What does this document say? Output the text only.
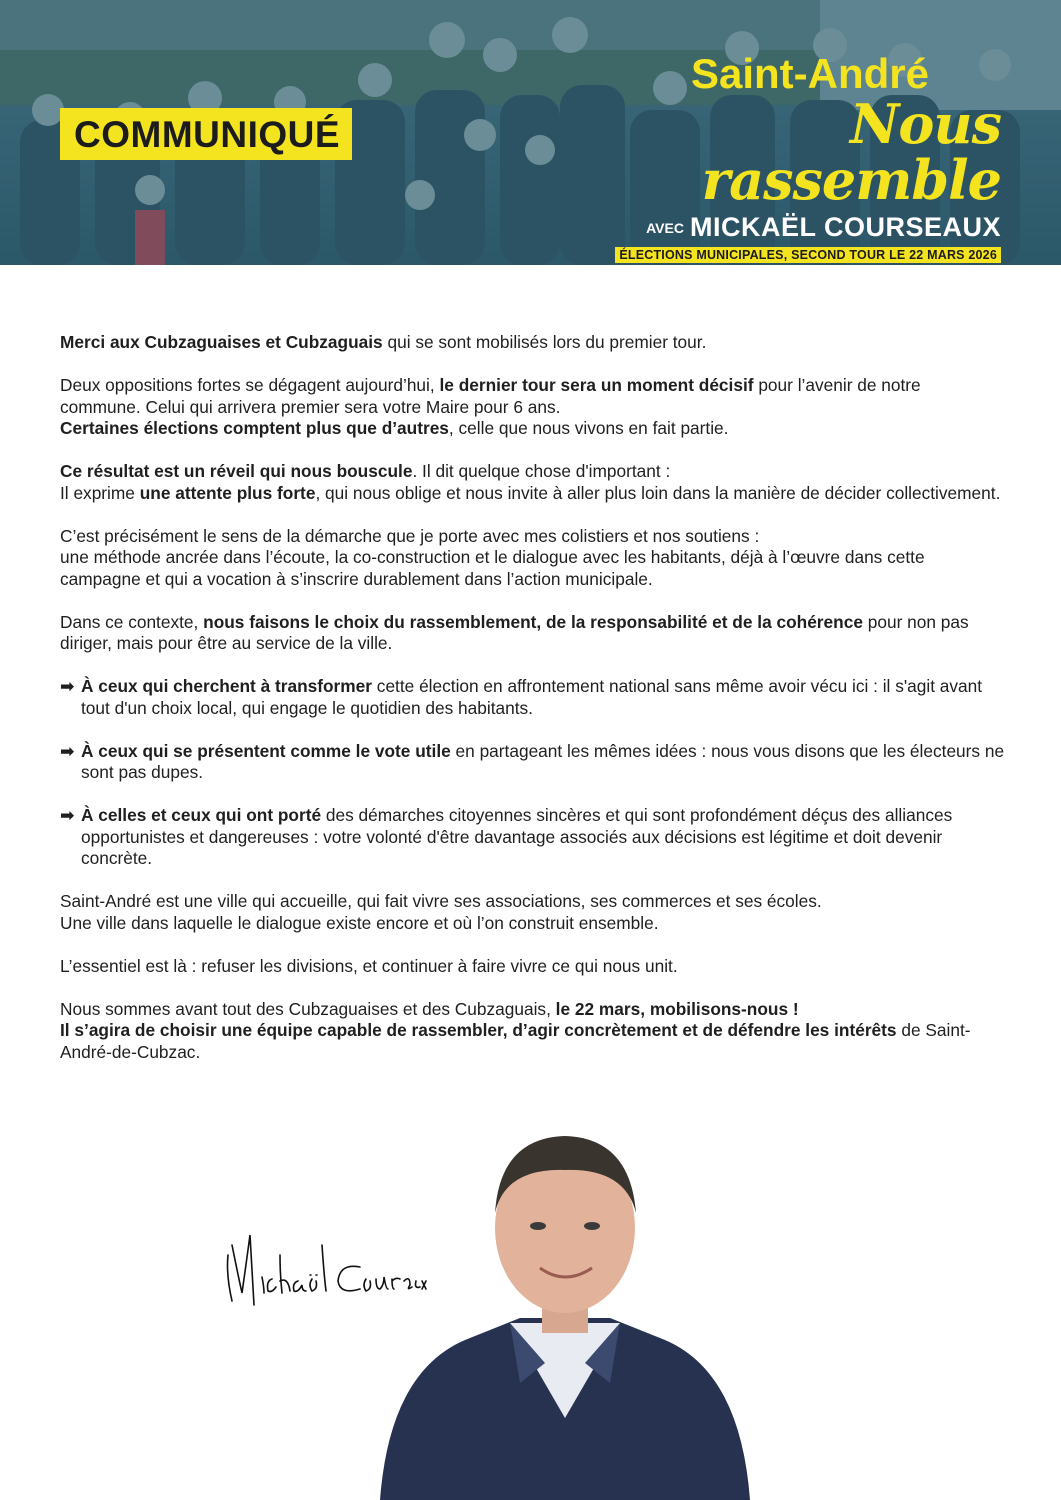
COMMUNIQUÉ
Saint-André
Nous rassemble
AVEC MICKAËL COURSEAUX
ÉLECTIONS MUNICIPALES, SECOND TOUR LE 22 MARS 2026

Merci aux Cubzaguaises et Cubzaguais qui se sont mobilisés lors du premier tour.

Deux oppositions fortes se dégagent aujourd’hui, le dernier tour sera un moment décisif pour l’avenir de notre commune. Celui qui arrivera premier sera votre Maire pour 6 ans.
Certaines élections comptent plus que d’autres, celle que nous vivons en fait partie.

Ce résultat est un réveil qui nous bouscule. Il dit quelque chose d'important :
Il exprime une attente plus forte, qui nous oblige et nous invite à aller plus loin dans la manière de décider collectivement.

C’est précisément le sens de la démarche que je porte avec mes colistiers et nos soutiens :
une méthode ancrée dans l’écoute, la co-construction et le dialogue avec les habitants, déjà à l’œuvre dans cette campagne et qui a vocation à s’inscrire durablement dans l’action municipale.

Dans ce contexte, nous faisons le choix du rassemblement, de la responsabilité et de la cohérence pour non pas diriger, mais pour être au service de la ville.

➡ À ceux qui cherchent à transformer cette élection en affrontement national sans même avoir vécu ici : il s'agit avant tout d'un choix local, qui engage le quotidien des habitants.
➡ À ceux qui se présentent comme le vote utile en partageant les mêmes idées : nous vous disons que les électeurs ne sont pas dupes.
➡ À celles et ceux qui ont porté des démarches citoyennes sincères et qui sont profondément déçus des alliances opportunistes et dangereuses : votre volonté d'être davantage associés aux décisions est légitime et doit devenir concrète.

Saint-André est une ville qui accueille, qui fait vivre ses associations, ses commerces et ses écoles.
Une ville dans laquelle le dialogue existe encore et où l’on construit ensemble.

L’essentiel est là : refuser les divisions, et continuer à faire vivre ce qui nous unit.

Nous sommes avant tout des Cubzaguaises et des Cubzaguais, le 22 mars, mobilisons-nous !
Il s’agira de choisir une équipe capable de rassembler, d’agir concrètement et de défendre les intérêts de Saint-André-de-Cubzac.
